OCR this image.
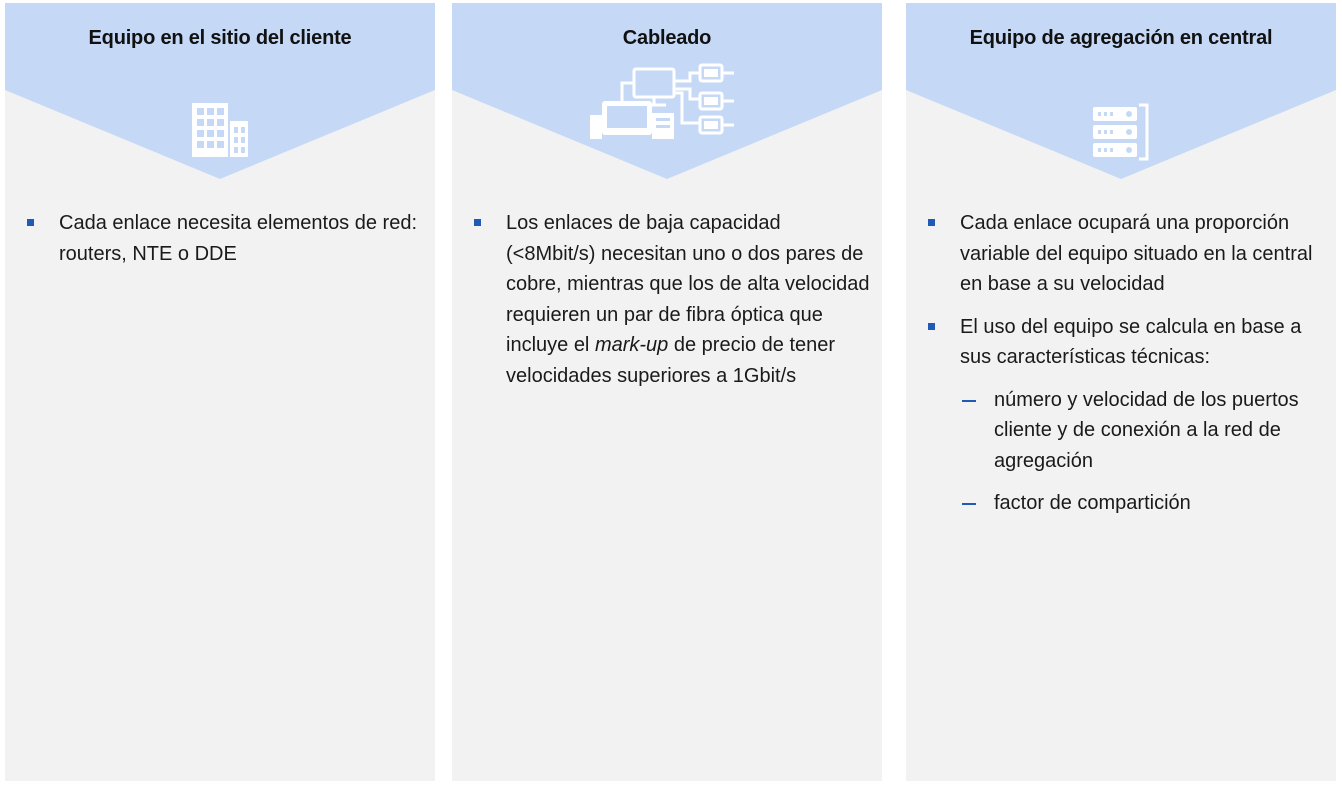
Equipo en el sitio del cliente
Cada enlace necesita elementos de red: routers, NTE o DDE
Cableado
Los enlaces de baja capacidad (<8Mbit/s) necesitan uno o dos pares de cobre, mientras que los de alta velocidad requieren un par de fibra óptica que incluye el mark-up de precio de tener velocidades superiores a 1Gbit/s
Equipo de agregación en central
Cada enlace ocupará una proporción variable del equipo situado en la central en base a su velocidad
El uso del equipo se calcula en base a sus características técnicas:
número y velocidad de los puertos cliente y de conexión a la red de agregación
factor de compartición
